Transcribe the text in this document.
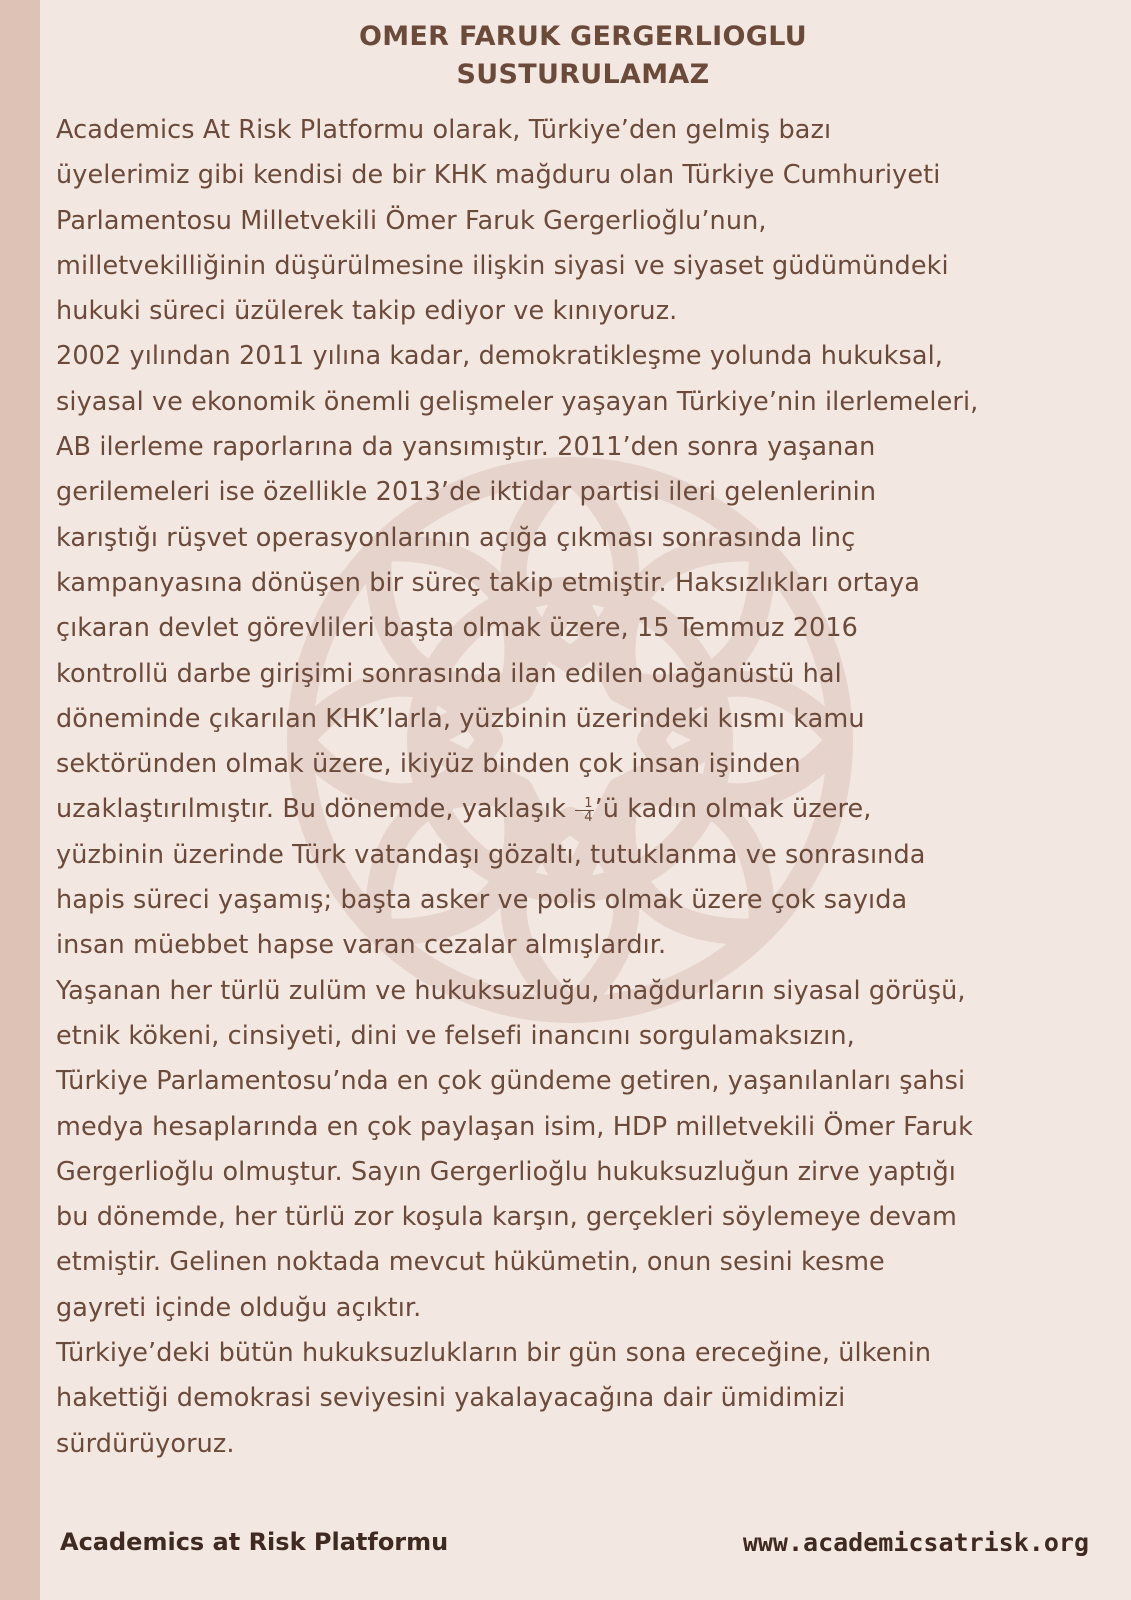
OMER FARUK GERGERLIOGLU
SUSTURULAMAZ

Academics At Risk Platformu olarak, Türkiye’den gelmiş bazı
üyelerimiz gibi kendisi de bir KHK mağduru olan Türkiye Cumhuriyeti
Parlamentosu Milletvekili Ömer Faruk Gergerlioğlu’nun,
milletvekilliğinin düşürülmesine ilişkin siyasi ve siyaset güdümündeki
hukuki süreci üzülerek takip ediyor ve kınıyoruz.

2002 yılından 2011 yılına kadar, demokratikleşme yolunda hukuksal,
siyasal ve ekonomik önemli gelişmeler yaşayan Türkiye’nin ilerlemeleri,
AB ilerleme raporlarına da yansımıştır. 2011’den sonra yaşanan
gerilemeleri ise özellikle 2013’de iktidar partisi ileri gelenlerinin
karıştığı rüşvet operasyonlarının açığa çıkması sonrasında linç
kampanyasına dönüşen bir süreç takip etmiştir. Haksızlıkları ortaya
çıkaran devlet görevlileri başta olmak üzere, 15 Temmuz 2016
kontrollü darbe girişimi sonrasında ilan edilen olağanüstü hal
döneminde çıkarılan KHK’larla, yüzbinin üzerindeki kısmı kamu
sektöründen olmak üzere, ikiyüz binden çok insan işinden
uzaklaştırılmıştır. Bu dönemde, yaklaşık $\frac{1}{4}$ ’ü kadın olmak üzere,
yüzbinin üzerinde Türk vatandaşı gözaltı, tutuklanma ve sonrasında
hapis süreci yaşamış; başta asker ve polis olmak üzere çok sayıda
insan müebbet hapse varan cezalar almışlardır.

Yaşanan her türlü zulüm ve hukuksuzluğu, mağdurların siyasal görüşü,
etnik kökeni, cinsiyeti, dini ve felsefi inancını sorgulamaksızın,
Türkiye Parlamentosu’nda en çok gündeme getiren, yaşanılanları şahsi
medya hesaplarında en çok paylaşan isim, HDP milletvekili Ömer Faruk
Gergerlioğlu olmuştur. Sayın Gergerlioğlu hukuksuzluğun zirve yaptığı
bu dönemde, her türlü zor koşula karşın, gerçekleri söylemeye devam
etmiştir. Gelinen noktada mevcut hükümetin, onun sesini kesme
gayreti içinde olduğu açıktır.

Türkiye’deki bütün hukuksuzlukların bir gün sona ereceğine, ülkenin
hakettiği demokrasi seviyesini yakalayacağına dair ümidimizi
sürdürüyoruz.

Academics at Risk Platformu	www.academicsatrisk.org
